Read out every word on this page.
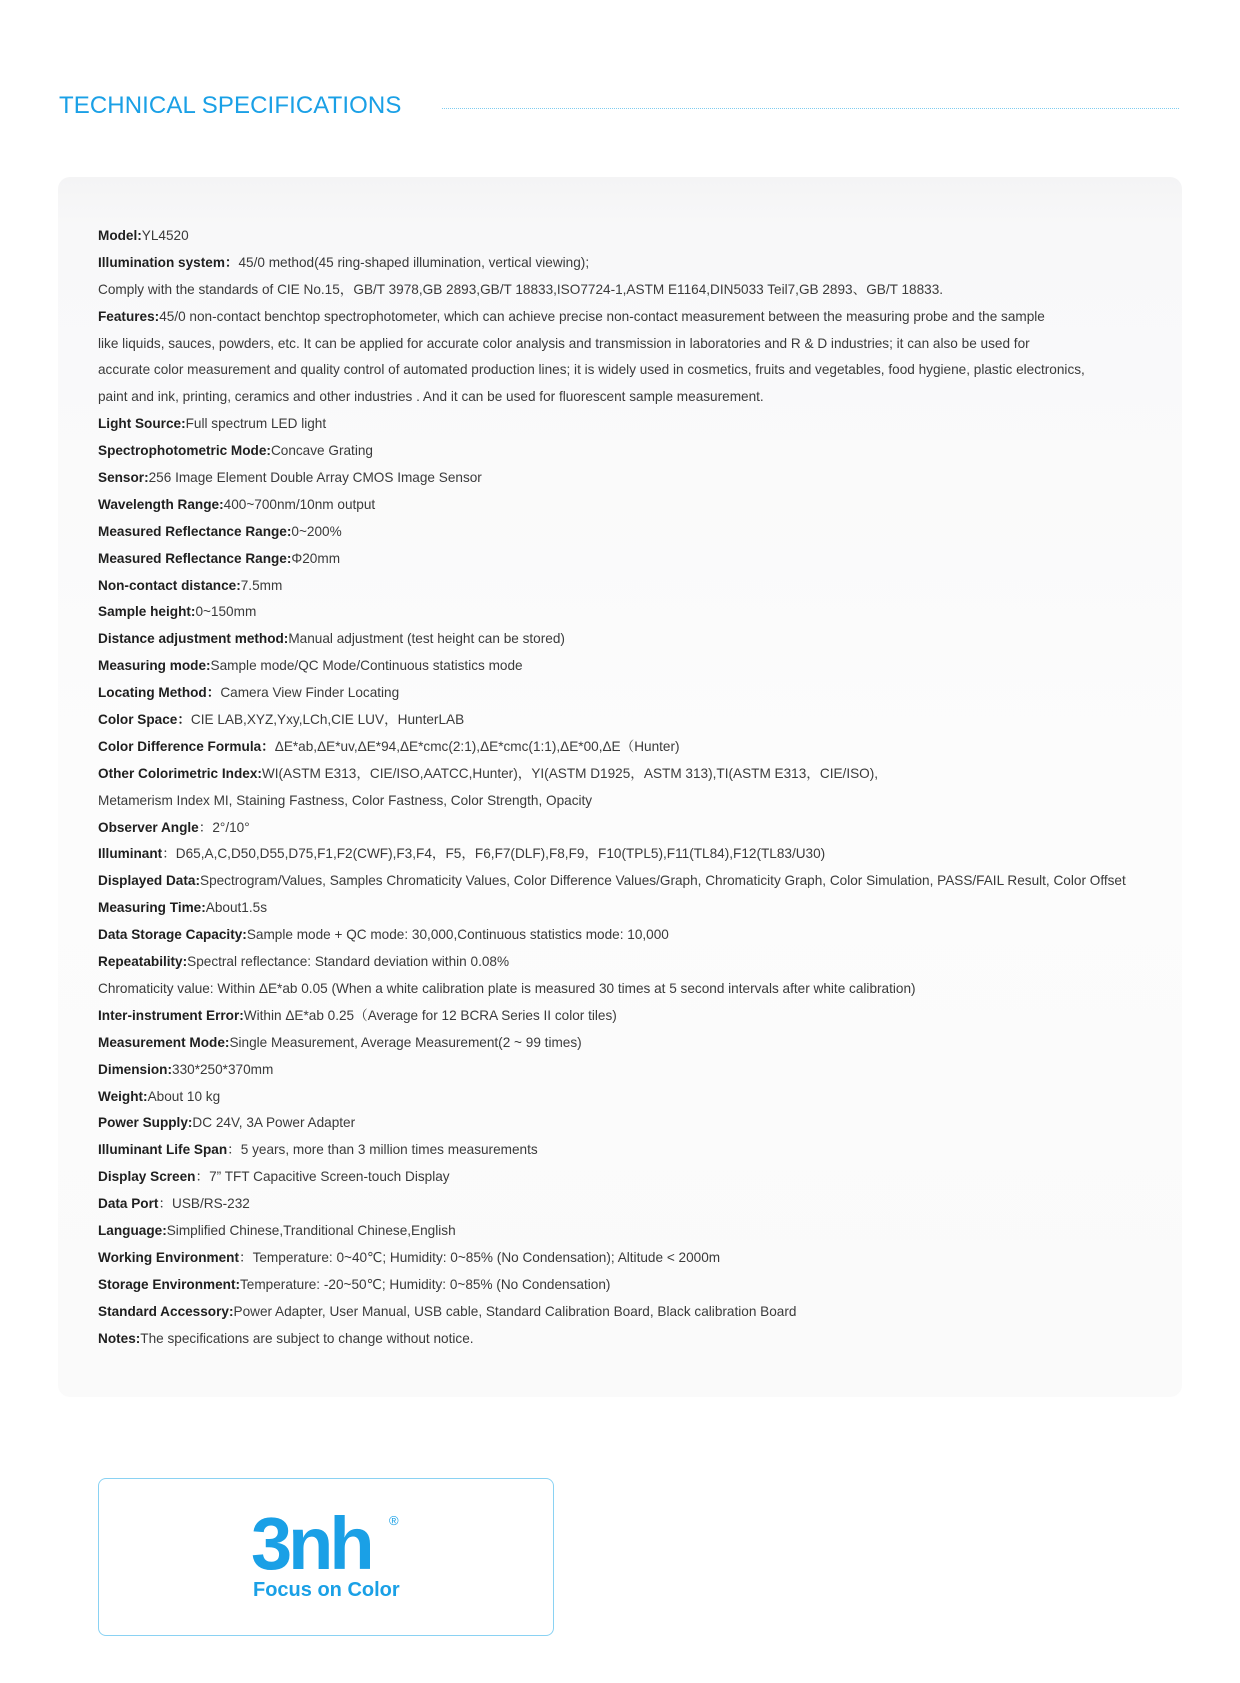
TECHNICAL SPECIFICATIONS
Model:YL4520
Illumination system：45/0 method(45 ring-shaped illumination, vertical viewing);
Comply with the standards of CIE No.15，GB/T 3978,GB 2893,GB/T 18833,ISO7724-1,ASTM E1164,DIN5033 Teil7,GB 2893、GB/T 18833.
Features:45/0 non-contact benchtop spectrophotometer, which can achieve precise non-contact measurement between the measuring probe and the sample
like liquids, sauces, powders, etc. It can be applied for accurate color analysis and transmission in laboratories and R & D industries; it can also be used for
accurate color measurement and quality control of automated production lines; it is widely used in cosmetics, fruits and vegetables, food hygiene, plastic electronics,
paint and ink, printing, ceramics and other industries . And it can be used for fluorescent sample measurement.
Light Source:Full spectrum LED light
Spectrophotometric Mode:Concave Grating
Sensor:256 Image Element Double Array CMOS Image Sensor
Wavelength Range:400~700nm/10nm output
Measured Reflectance Range:0~200%
Measured Reflectance Range:Φ20mm
Non-contact distance:7.5mm
Sample height:0~150mm
Distance adjustment method:Manual adjustment (test height can be stored)
Measuring mode:Sample mode/QC Mode/Continuous statistics mode
Locating Method：Camera View Finder Locating
Color Space：CIE LAB,XYZ,Yxy,LCh,CIE LUV，HunterLAB
Color Difference Formula：ΔE*ab,ΔE*uv,ΔE*94,ΔE*cmc(2:1),ΔE*cmc(1:1),ΔE*00,ΔE（Hunter)
Other Colorimetric Index:WI(ASTM E313，CIE/ISO,AATCC,Hunter)，YI(ASTM D1925，ASTM 313),TI(ASTM E313，CIE/ISO),
Metamerism Index MI, Staining Fastness, Color Fastness, Color Strength, Opacity
Observer Angle：2°/10°
Illuminant：D65,A,C,D50,D55,D75,F1,F2(CWF),F3,F4，F5，F6,F7(DLF),F8,F9，F10(TPL5),F11(TL84),F12(TL83/U30)
Displayed Data:Spectrogram/Values, Samples Chromaticity Values, Color Difference Values/Graph, Chromaticity Graph, Color Simulation, PASS/FAIL Result, Color Offset
Measuring Time:About1.5s
Data Storage Capacity:Sample mode + QC mode: 30,000,Continuous statistics mode: 10,000
Repeatability:Spectral reflectance: Standard deviation within 0.08%
Chromaticity value: Within ΔE*ab 0.05 (When a white calibration plate is measured 30 times at 5 second intervals after white calibration)
Inter-instrument Error:Within ΔE*ab 0.25（Average for 12 BCRA Series II color tiles)
Measurement Mode:Single Measurement, Average Measurement(2 ~ 99 times)
Dimension:330*250*370mm
Weight:About 10 kg
Power Supply:DC 24V, 3A Power Adapter
Illuminant Life Span：5 years, more than 3 million times measurements
Display Screen：7” TFT Capacitive Screen-touch Display
Data Port：USB/RS-232
Language:Simplified Chinese,Tranditional Chinese,English
Working Environment：Temperature: 0~40℃; Humidity: 0~85% (No Condensation); Altitude < 2000m
Storage Environment:Temperature: -20~50℃; Humidity: 0~85% (No Condensation)
Standard Accessory:Power Adapter, User Manual, USB cable, Standard Calibration Board, Black calibration Board
Notes:The specifications are subject to change without notice.
3nh ®
Focus on Color
